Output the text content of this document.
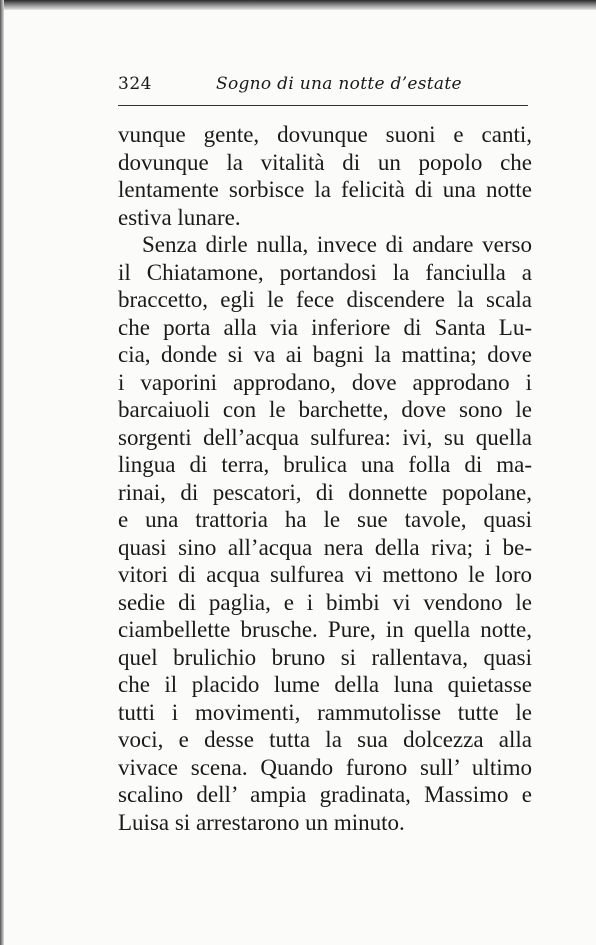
324	Sogno di una notte d’estate
vunque gente, dovunque suoni e canti,
dovunque la vitalità di un popolo che
lentamente sorbisce la felicità di una notte
estiva lunare.
Senza dirle nulla, invece di andare verso
il Chiatamone, portandosi la fanciulla a
braccetto, egli le fece discendere la scala
che porta alla via inferiore di Santa Lu-
cia, donde si va ai bagni la mattina; dove
i vaporini approdano, dove approdano i
barcaiuoli con le barchette, dove sono le
sorgenti dell’acqua sulfurea: ivi, su quella
lingua di terra, brulica una folla di ma-
rinai, di pescatori, di donnette popolane,
e una trattoria ha le sue tavole, quasi
quasi sino all’acqua nera della riva; i be-
vitori di acqua sulfurea vi mettono le loro
sedie di paglia, e i bimbi vi vendono le
ciambellette brusche. Pure, in quella notte,
quel brulichio bruno si rallentava, quasi
che il placido lume della luna quietasse
tutti i movimenti, rammutolisse tutte le
voci, e desse tutta la sua dolcezza alla
vivace scena. Quando furono sull’ ultimo
scalino dell’ ampia gradinata, Massimo e
Luisa si arrestarono un minuto.
